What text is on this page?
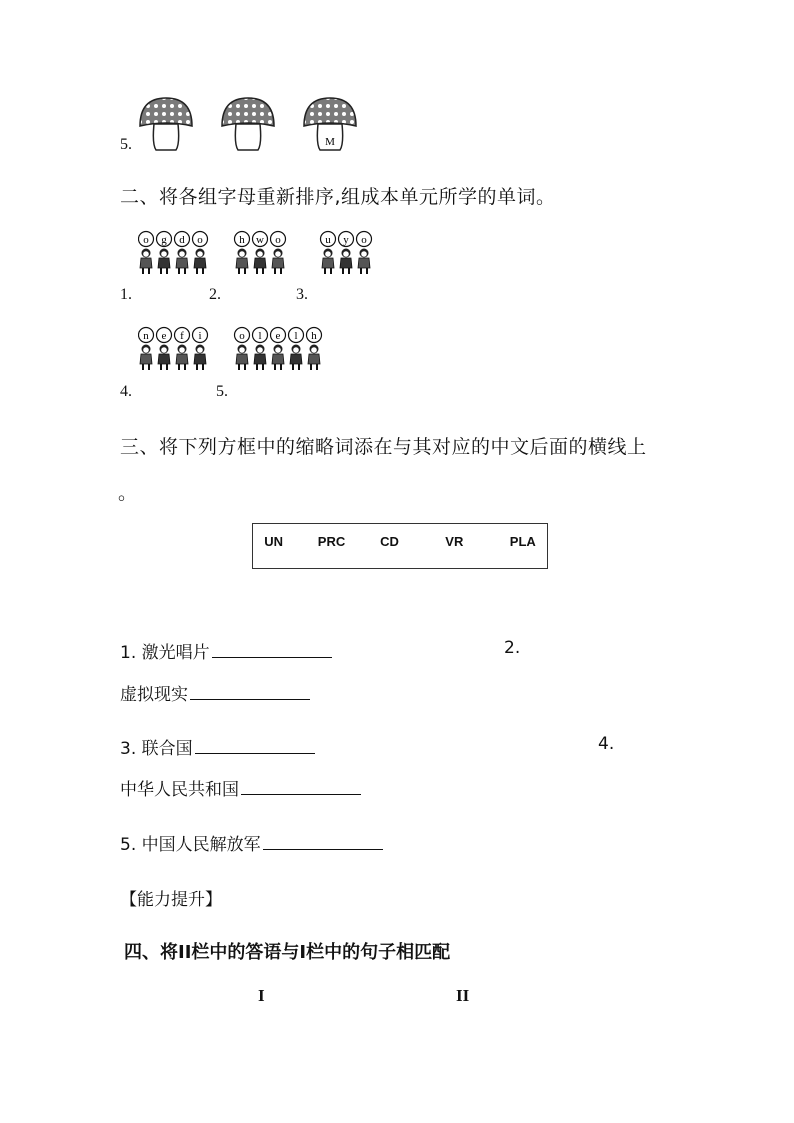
5.	M
二、将各组字母重新排序,组成本单元所学的单词。
o g d o	h w o	u y o
1.	2.	3.
n e f i	o l e l h
4.	5.
三、将下列方框中的缩略词添在与其对应的中文后面的横线上
。
UN   PRC   CD    VR    PLA
1. 激光唱片	2.
虚拟现实
3. 联合国	4.
中华人民共和国
5. 中国人民解放军
【能力提升】
四、将II栏中的答语与I栏中的句子相匹配
I	II
